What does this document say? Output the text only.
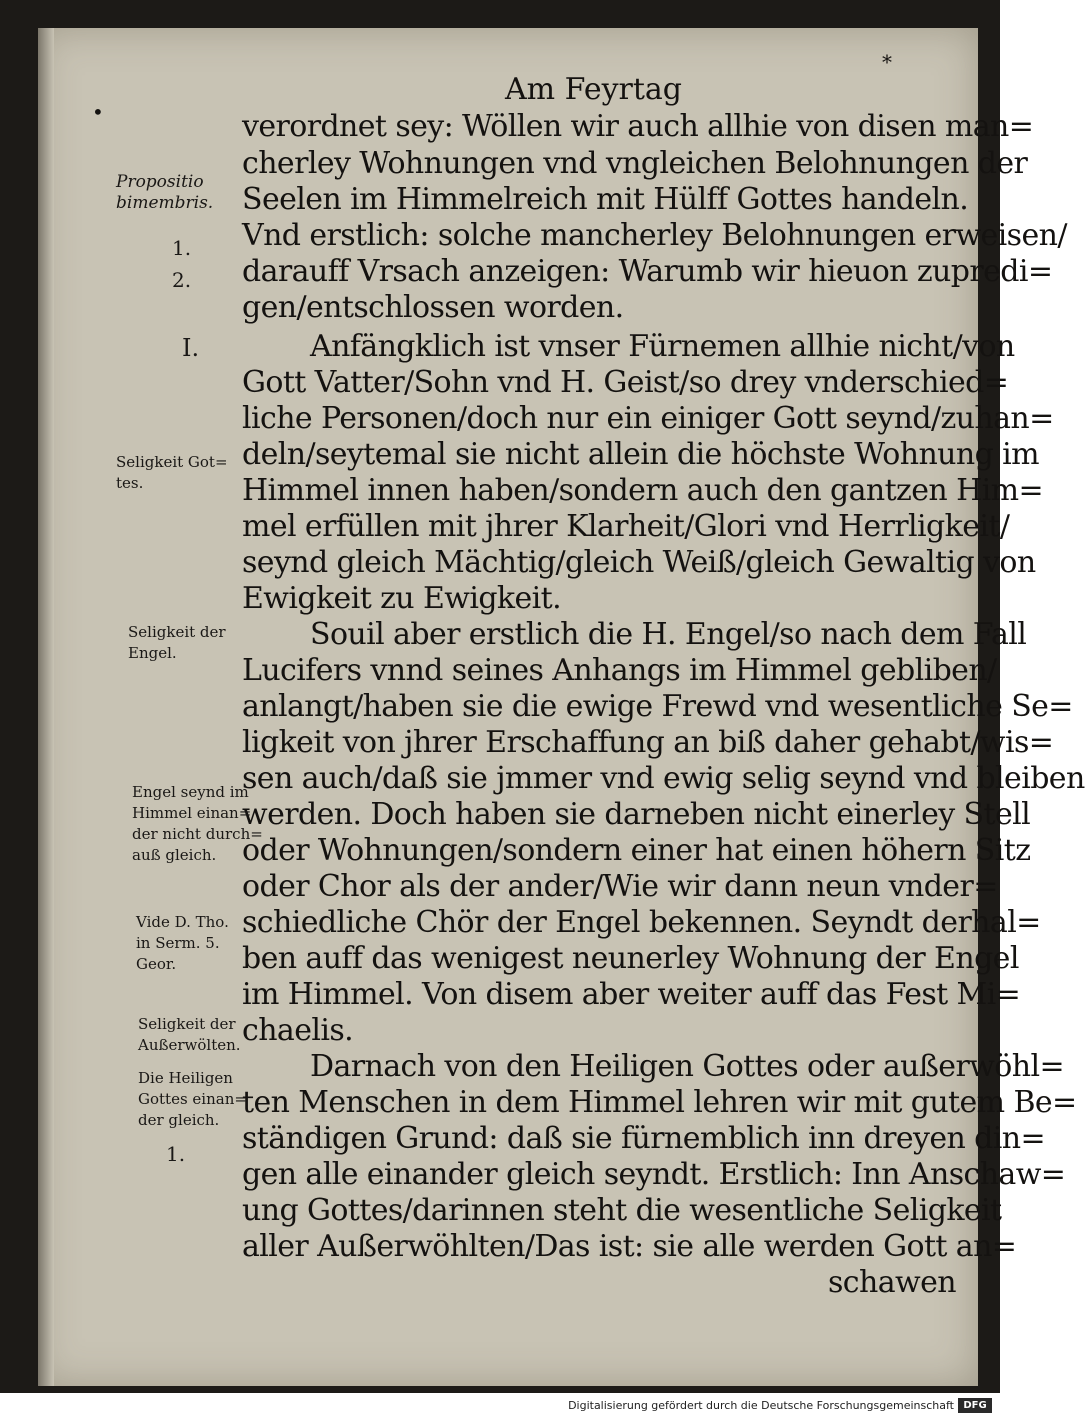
*
•
Am Feyrtag
verordnet sey: Wöllen wir auch allhie von disen man=
cherley Wohnungen vnd vngleichen Belohnungen der
Seelen im Himmelreich mit Hülff Gottes handeln.
Vnd erstlich: solche mancherley Belohnungen erweisen/
darauff Vrsach anzeigen: Warumb wir hieuon zupredi=
gen/entschlossen worden.
Anfängklich ist vnser Fürnemen allhie nicht/von
Gott Vatter/Sohn vnd H. Geist/so drey vnderschied=
liche Personen/doch nur ein einiger Gott seynd/zuhan=
deln/seytemal sie nicht allein die höchste Wohnung im
Himmel innen haben/sondern auch den gantzen Him=
mel erfüllen mit jhrer Klarheit/Glori vnd Herrligkeit/
seynd gleich Mächtig/gleich Weiß/gleich Gewaltig von
Ewigkeit zu Ewigkeit.
Souil aber erstlich die H. Engel/so nach dem Fall
Lucifers vnnd seines Anhangs im Himmel gebliben/
anlangt/haben sie die ewige Frewd vnd wesentliche Se=
ligkeit von jhrer Erschaffung an biß daher gehabt/wis=
sen auch/daß sie jmmer vnd ewig selig seynd vnd bleiben
werden. Doch haben sie darneben nicht einerley Stell
oder Wohnungen/sondern einer hat einen höhern Sitz
oder Chor als der ander/Wie wir dann neun vnder=
schiedliche Chör der Engel bekennen. Seyndt derhal=
ben auff das wenigest neunerley Wohnung der Engel
im Himmel. Von disem aber weiter auff das Fest Mi=
chaelis.
Darnach von den Heiligen Gottes oder außerwöhl=
ten Menschen in dem Himmel lehren wir mit gutem Be=
ständigen Grund: daß sie fürnemblich inn dreyen din=
gen alle einander gleich seyndt. Erstlich: Inn Anschaw=
ung Gottes/darinnen steht die wesentliche Seligkeit
aller Außerwöhlten/Das ist: sie alle werden Gott an=
schawen
Propositio
bimembris.
1.
2.
I.
Seligkeit Got=
tes.
Seligkeit der
Engel.
Engel seynd im
Himmel einan=
der nicht durch=
auß gleich.
Vide D. Tho.
in Serm. 5.
Geor.
Seligkeit der
Außerwölten.
Die Heiligen
Gottes einan=
der gleich.
1.
Digitalisierung gefördert durch die Deutsche Forschungsgemeinschaft DFG
